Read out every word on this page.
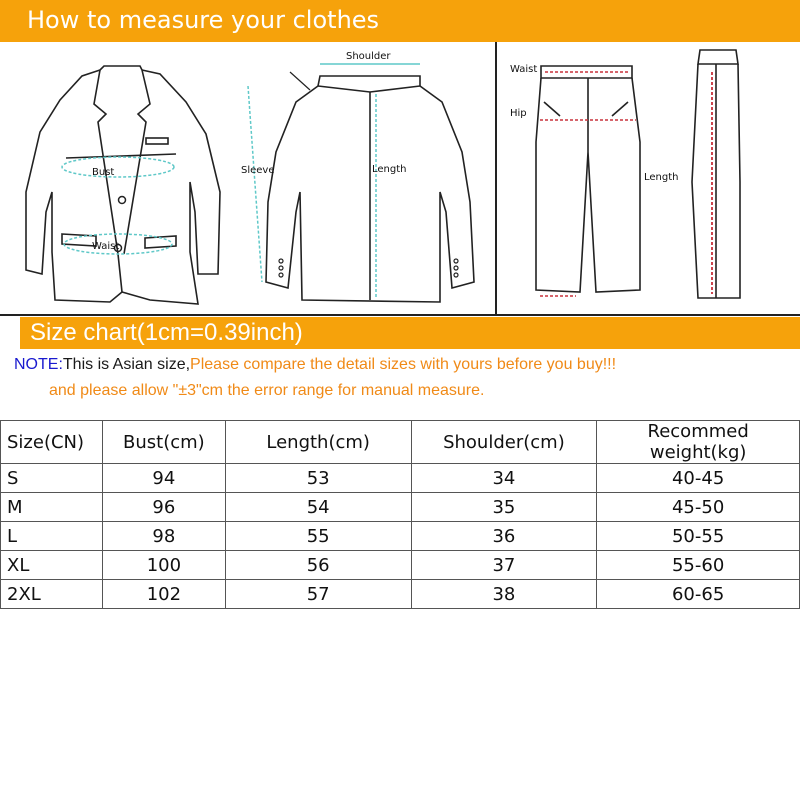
How to measure your clothes
Bust
Waist
Shoulder
Sleeve	Length
Waist
Hip
Length
Size chart(1cm=0.39inch)
NOTE:This is Asian size,Please compare the detail sizes with yours before you buy!!!
and please allow "±3"cm the error range for manual measure.
Size(CN)	Bust(cm)	Length(cm)	Shoulder(cm)	Recommed weight(kg)
S	94	53	34	40-45
M	96	54	35	45-50
L	98	55	36	50-55
XL	100	56	37	55-60
2XL	102	57	38	60-65
